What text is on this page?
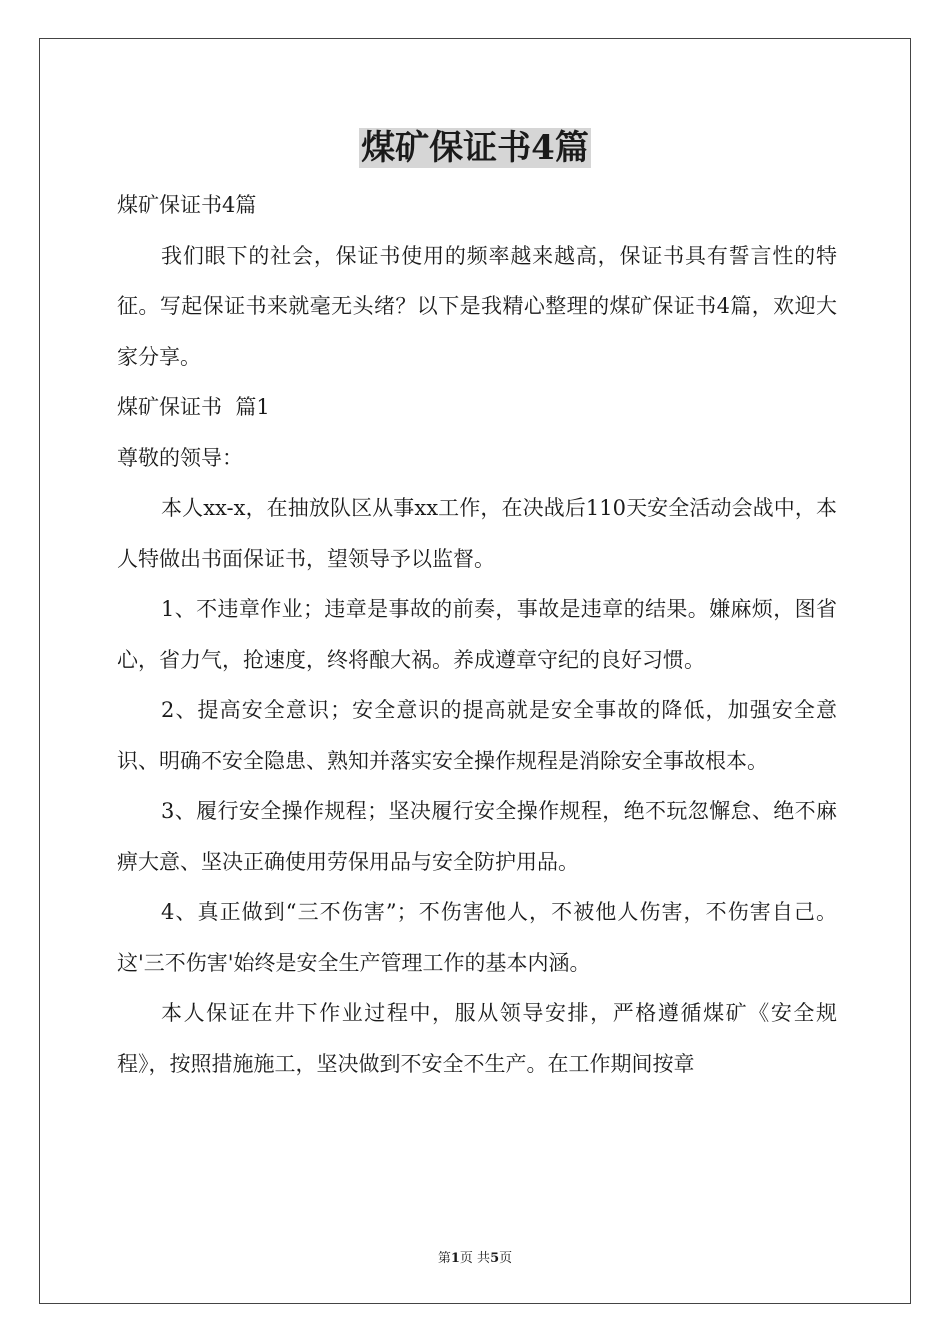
煤矿保证书4篇

煤矿保证书4篇

我们眼下的社会，保证书使用的频率越来越高，保证书具有誓言性的特征。写起保证书来就毫无头绪？以下是我精心整理的煤矿保证书4篇，欢迎大家分享。

煤矿保证书  篇1

尊敬的领导：

本人xx-x，在抽放队区从事xx工作，在决战后110天安全活动会战中，本人特做出书面保证书，望领导予以监督。

1、不违章作业；违章是事故的前奏，事故是违章的结果。嫌麻烦，图省心，省力气，抢速度，终将酿大祸。养成遵章守纪的良好习惯。

2、提高安全意识；安全意识的提高就是安全事故的降低，加强安全意识、明确不安全隐患、熟知并落实安全操作规程是消除安全事故根本。

3、履行安全操作规程；坚决履行安全操作规程，绝不玩忽懈怠、绝不麻痹大意、坚决正确使用劳保用品与安全防护用品。

4、真正做到“三不伤害”；不伤害他人，不被他人伤害，不伤害自己。这'三不伤害'始终是安全生产管理工作的基本内涵。

本人保证在井下作业过程中，服从领导安排，严格遵循煤矿《安全规程》，按照措施施工，坚决做到不安全不生产。在工作期间按章

第1页 共5页
